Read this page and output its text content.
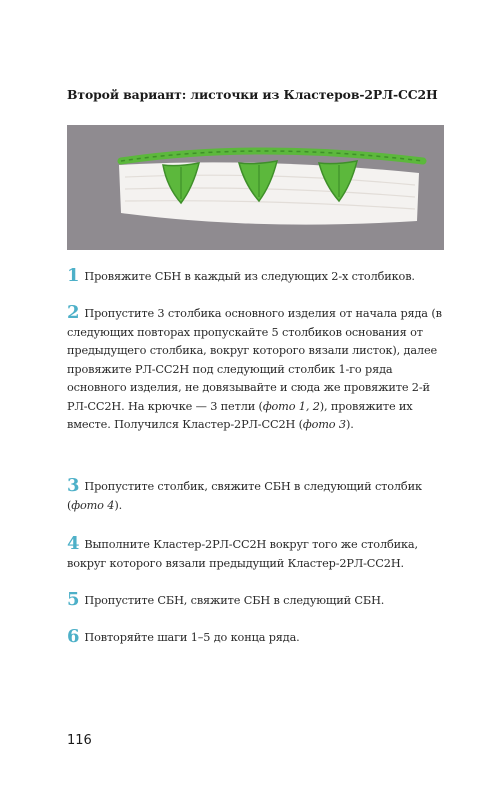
Второй вариант: листочки из Кластеров-2РЛ-СС2Н
1 Провяжите СБН в каждый из следующих 2-х столбиков.
2 Пропустите 3 столбика основного изделия от начала ряда (в следующих повторах пропускайте 5 столбиков основания от предыдущего столбика, вокруг которого вязали листок), далее провяжите РЛ-СС2Н под следующий столбик 1-го ряда основного изделия, не довязывайте и сюда же провяжите 2-й РЛ-СС2Н. На крючке — 3 петли (фото 1, 2), провяжите их вместе. Получился Кластер-2РЛ-СС2Н (фото 3).
3 Пропустите столбик, свяжите СБН в следующий столбик (фото 4).
4 Выполните Кластер-2РЛ-СС2Н вокруг того же столбика, вокруг которого вязали предыдущий Кластер-2РЛ-СС2Н.
5 Пропустите СБН, свяжите СБН в следующий СБН.
6 Повторяйте шаги 1–5 до конца ряда.
116
